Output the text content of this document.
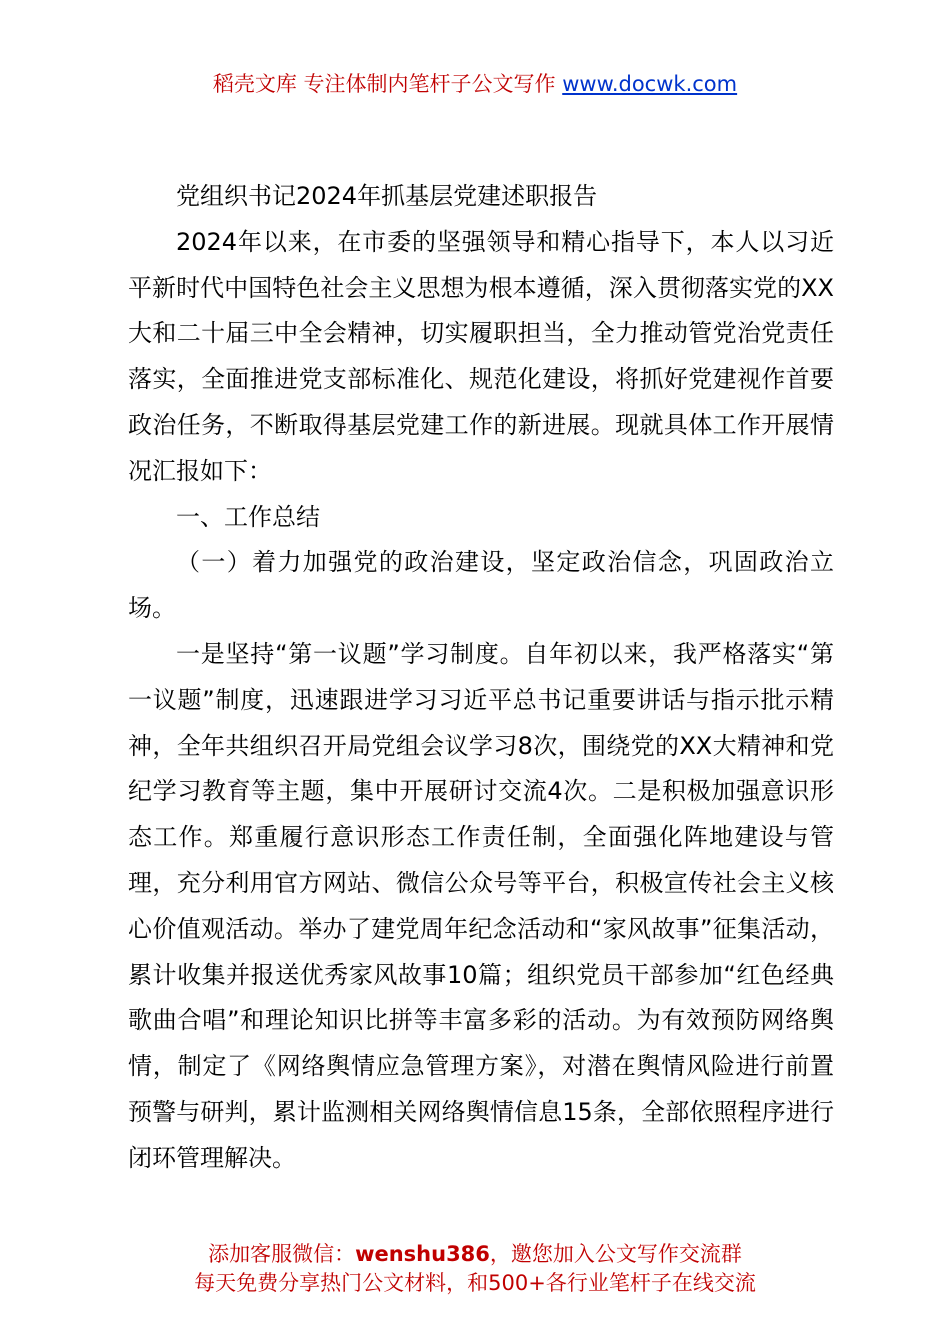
稻壳文库 专注体制内笔杆子公文写作 www.docwk.com

党组织书记2024年抓基层党建述职报告

2024年以来，在市委的坚强领导和精心指导下，本人以习近平新时代中国特色社会主义思想为根本遵循，深入贯彻落实党的XX大和二十届三中全会精神，切实履职担当，全力推动管党治党责任落实，全面推进党支部标准化、规范化建设，将抓好党建视作首要政治任务，不断取得基层党建工作的新进展。现就具体工作开展情况汇报如下：

一、工作总结

（一）着力加强党的政治建设，坚定政治信念，巩固政治立场。

一是坚持“第一议题”学习制度。自年初以来，我严格落实“第一议题”制度，迅速跟进学习习近平总书记重要讲话与指示批示精神，全年共组织召开局党组会议学习8次，围绕党的XX大精神和党纪学习教育等主题，集中开展研讨交流4次。二是积极加强意识形态工作。郑重履行意识形态工作责任制，全面强化阵地建设与管理，充分利用官方网站、微信公众号等平台，积极宣传社会主义核心价值观活动。举办了建党周年纪念活动和“家风故事”征集活动，累计收集并报送优秀家风故事10篇；组织党员干部参加“红色经典歌曲合唱”和理论知识比拼等丰富多彩的活动。为有效预防网络舆情，制定了《网络舆情应急管理方案》，对潜在舆情风险进行前置预警与研判，累计监测相关网络舆情信息15条，全部依照程序进行闭环管理解决。

添加客服微信：wenshu386，邀您加入公文写作交流群
每天免费分享热门公文材料，和500+各行业笔杆子在线交流
